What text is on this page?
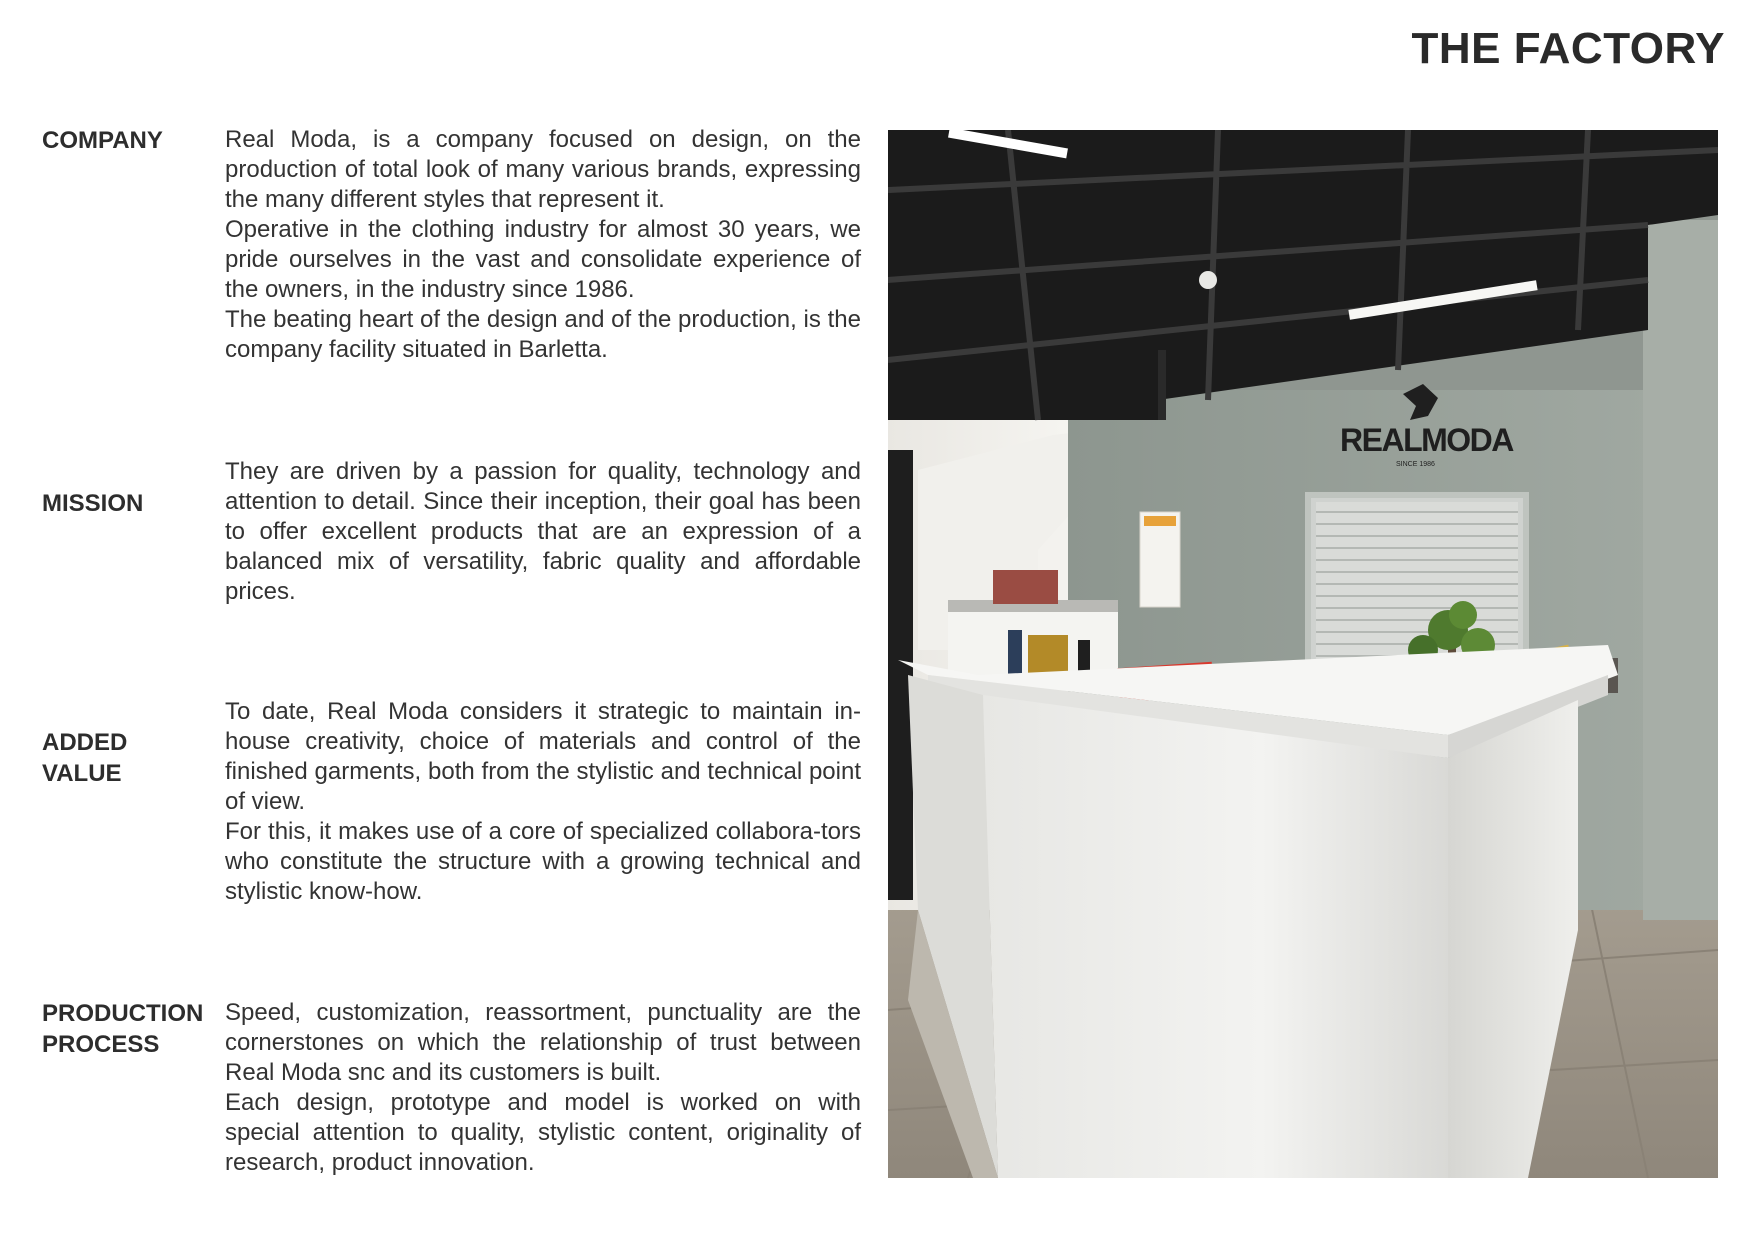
THE FACTORY
COMPANY	Real Moda, is a company focused on design, on the production of total look of many various brands, expressing the many different styles that represent it.

Operative in the clothing industry for almost 30 years, we pride ourselves in the vast and consolidate experience of the owners, in the industry since 1986.

The beating heart of the design and of the production, is the company facility situated in Barletta.

MISSION

They are driven by a passion for quality, technology and attention to detail. Since their inception, their goal has been to offer excellent products that are an expression of a balanced mix of versatility, fabric quality and affordable prices.

ADDED
VALUE

To date, Real Moda considers it strategic to maintain in-house creativity, choice of materials and control of the finished garments, both from the stylistic and technical point of view.

For this, it makes use of a core of specialized collabora-tors who constitute the structure with a growing technical and stylistic know-how.

PRODUCTION
PROCESS

Speed, customization, reassortment, punctuality are the cornerstones on which the relationship of trust between Real Moda snc and its customers is built.

Each design, prototype and model is worked on with special attention to quality, stylistic content, originality of research, product innovation.

REALMODA
SINCE 1986
